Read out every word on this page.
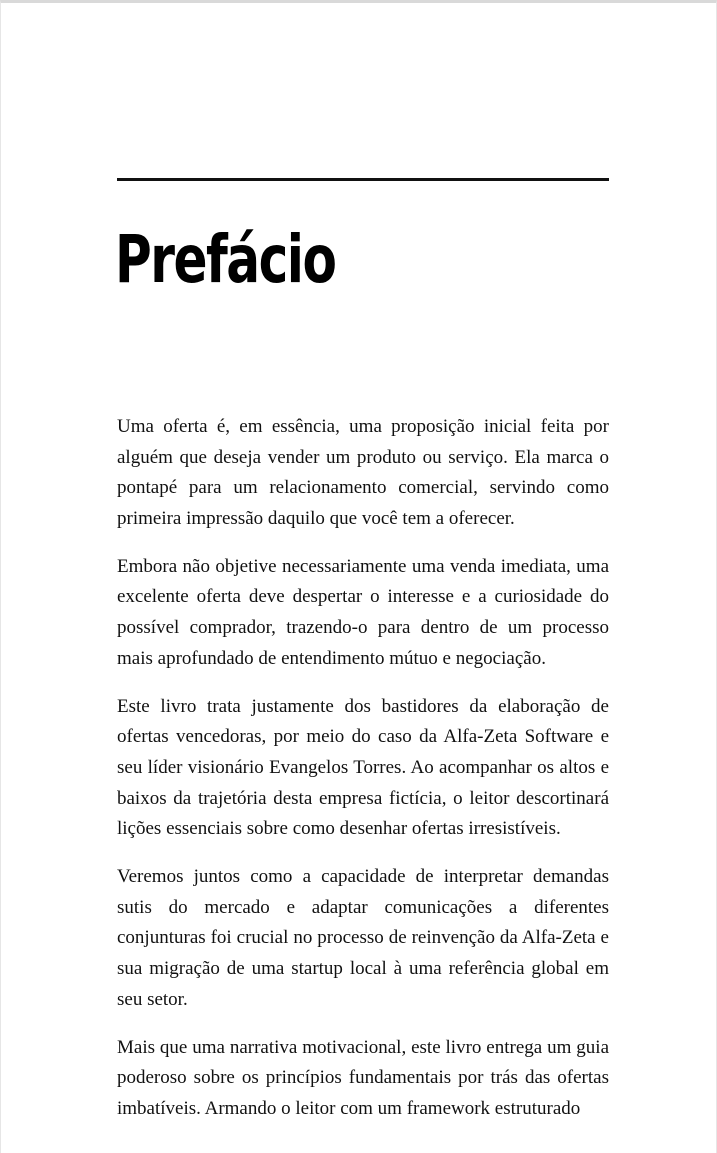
Prefácio

Uma oferta é, em essência, uma proposição inicial feita por alguém que deseja vender um produto ou serviço. Ela marca o pontapé para um relacionamento comercial, servindo como primeira impressão daquilo que você tem a oferecer.

Embora não objetive necessariamente uma venda imediata, uma excelente oferta deve despertar o interesse e a curiosidade do possível comprador, trazendo-o para dentro de um processo mais aprofundado de entendimento mútuo e negociação.

Este livro trata justamente dos bastidores da elaboração de ofertas vencedoras, por meio do caso da Alfa-Zeta Software e seu líder visionário Evangelos Torres. Ao acompanhar os altos e baixos da trajetória desta empresa fictícia, o leitor descortinará lições essenciais sobre como desenhar ofertas irresistíveis.

Veremos juntos como a capacidade de interpretar demandas sutis do mercado e adaptar comunicações a diferentes conjunturas foi crucial no processo de reinvenção da Alfa-Zeta e sua migração de uma startup local à uma referência global em seu setor.

Mais que uma narrativa motivacional, este livro entrega um guia poderoso sobre os princípios fundamentais por trás das ofertas imbatíveis. Armando o leitor com um framework estruturado
